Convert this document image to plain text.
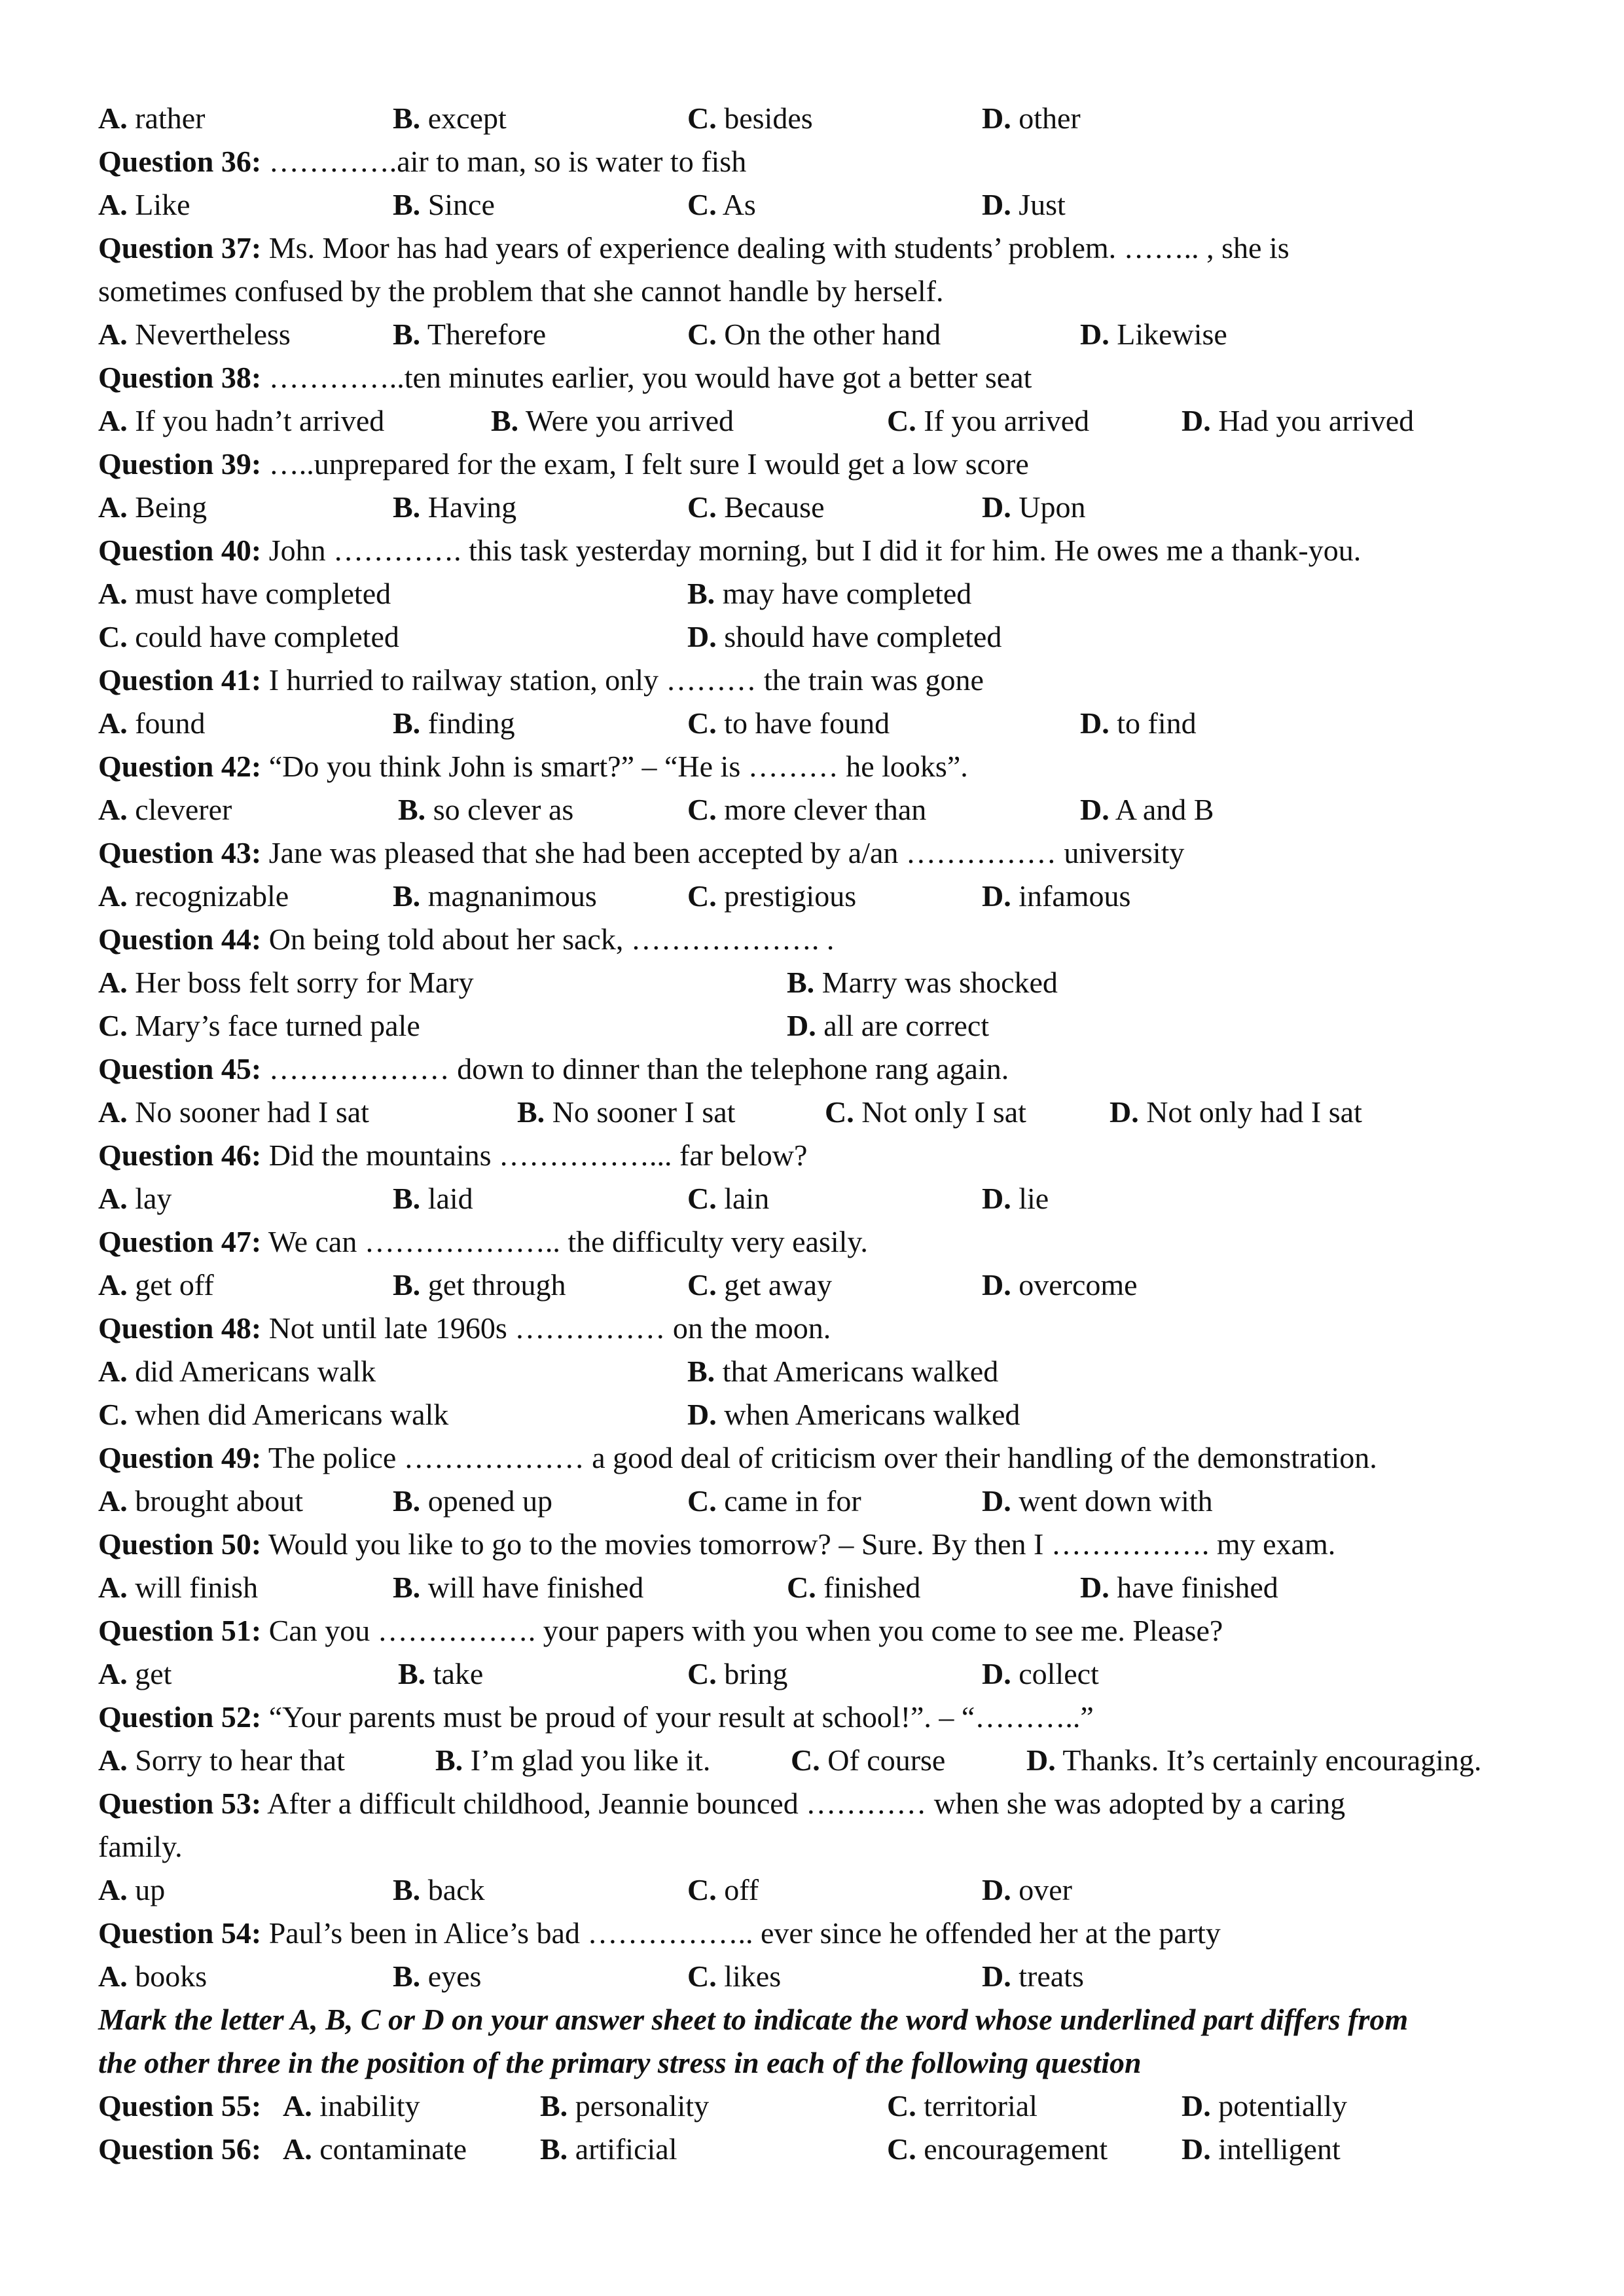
A. rather	B. except	C. besides	D. other
Question 36: ………….air to man, so is water to fish
A. Like	B. Since	C. As	D. Just
Question 37: Ms. Moor has had years of experience dealing with students’ problem. …….. , she is
sometimes confused by the problem that she cannot handle by herself.
A. Nevertheless	B. Therefore	C. On the other hand	D. Likewise
Question 38: …………..ten minutes earlier, you would have got a better seat
A. If you hadn’t arrived	B. Were you arrived	C. If you arrived	D. Had you arrived
Question 39: …..unprepared for the exam, I felt sure I would get a low score
A. Being	B. Having	C. Because	D. Upon
Question 40: John …………. this task yesterday morning, but I did it for him. He owes me a thank-you.
A. must have completed	B. may have completed
C. could have completed	D. should have completed
Question 41: I hurried to railway station, only ……… the train was gone
A. found	B. finding	C. to have found	D. to find
Question 42: “Do you think John is smart?” – “He is ……… he looks”.
A. cleverer	B. so clever as	C. more clever than	D. A and B
Question 43: Jane was pleased that she had been accepted by a/an …………… university
A. recognizable	B. magnanimous	C. prestigious	D. infamous
Question 44: On being told about her sack, ………………. .
A. Her boss felt sorry for Mary	B. Marry was shocked
C. Mary’s face turned pale	D. all are correct
Question 45: ……………… down to dinner than the telephone rang again.
A. No sooner had I sat	B. No sooner I sat	C. Not only I sat	D. Not only had I sat
Question 46: Did the mountains ……………... far below?
A. lay	B. laid	C. lain	D. lie
Question 47: We can ……………….. the difficulty very easily.
A. get off	B. get through	C. get away	D. overcome
Question 48: Not until late 1960s …………… on the moon.
A. did Americans walk	B. that Americans walked
C. when did Americans walk	D. when Americans walked
Question 49: The police ……………… a good deal of criticism over their handling of the demonstration.
A. brought about	B. opened up	C. came in for	D. went down with
Question 50: Would you like to go to the movies tomorrow? – Sure. By then I ……………. my exam.
A. will finish	B. will have finished	C. finished	D. have finished
Question 51: Can you ……………. your papers with you when you come to see me. Please?
A. get	B. take	C. bring	D. collect
Question 52: “Your parents must be proud of your result at school!”. – “………..”
A. Sorry to hear that	B. I’m glad you like it.	C. Of course	D. Thanks. It’s certainly encouraging.
Question 53: After a difficult childhood, Jeannie bounced ………… when she was adopted by a caring
family.
A. up	B. back	C. off	D. over
Question 54: Paul’s been in Alice’s bad …………….. ever since he offended her at the party
A. books	B. eyes	C. likes	D. treats
Mark the letter A, B, C or D on your answer sheet to indicate the word whose underlined part differs from
the other three in the position of the primary stress in each of the following question
Question 55: A. inability	B. personality	C. territorial	D. potentially
Question 56: A. contaminate B. artificial	C. encouragement D. intelligent
